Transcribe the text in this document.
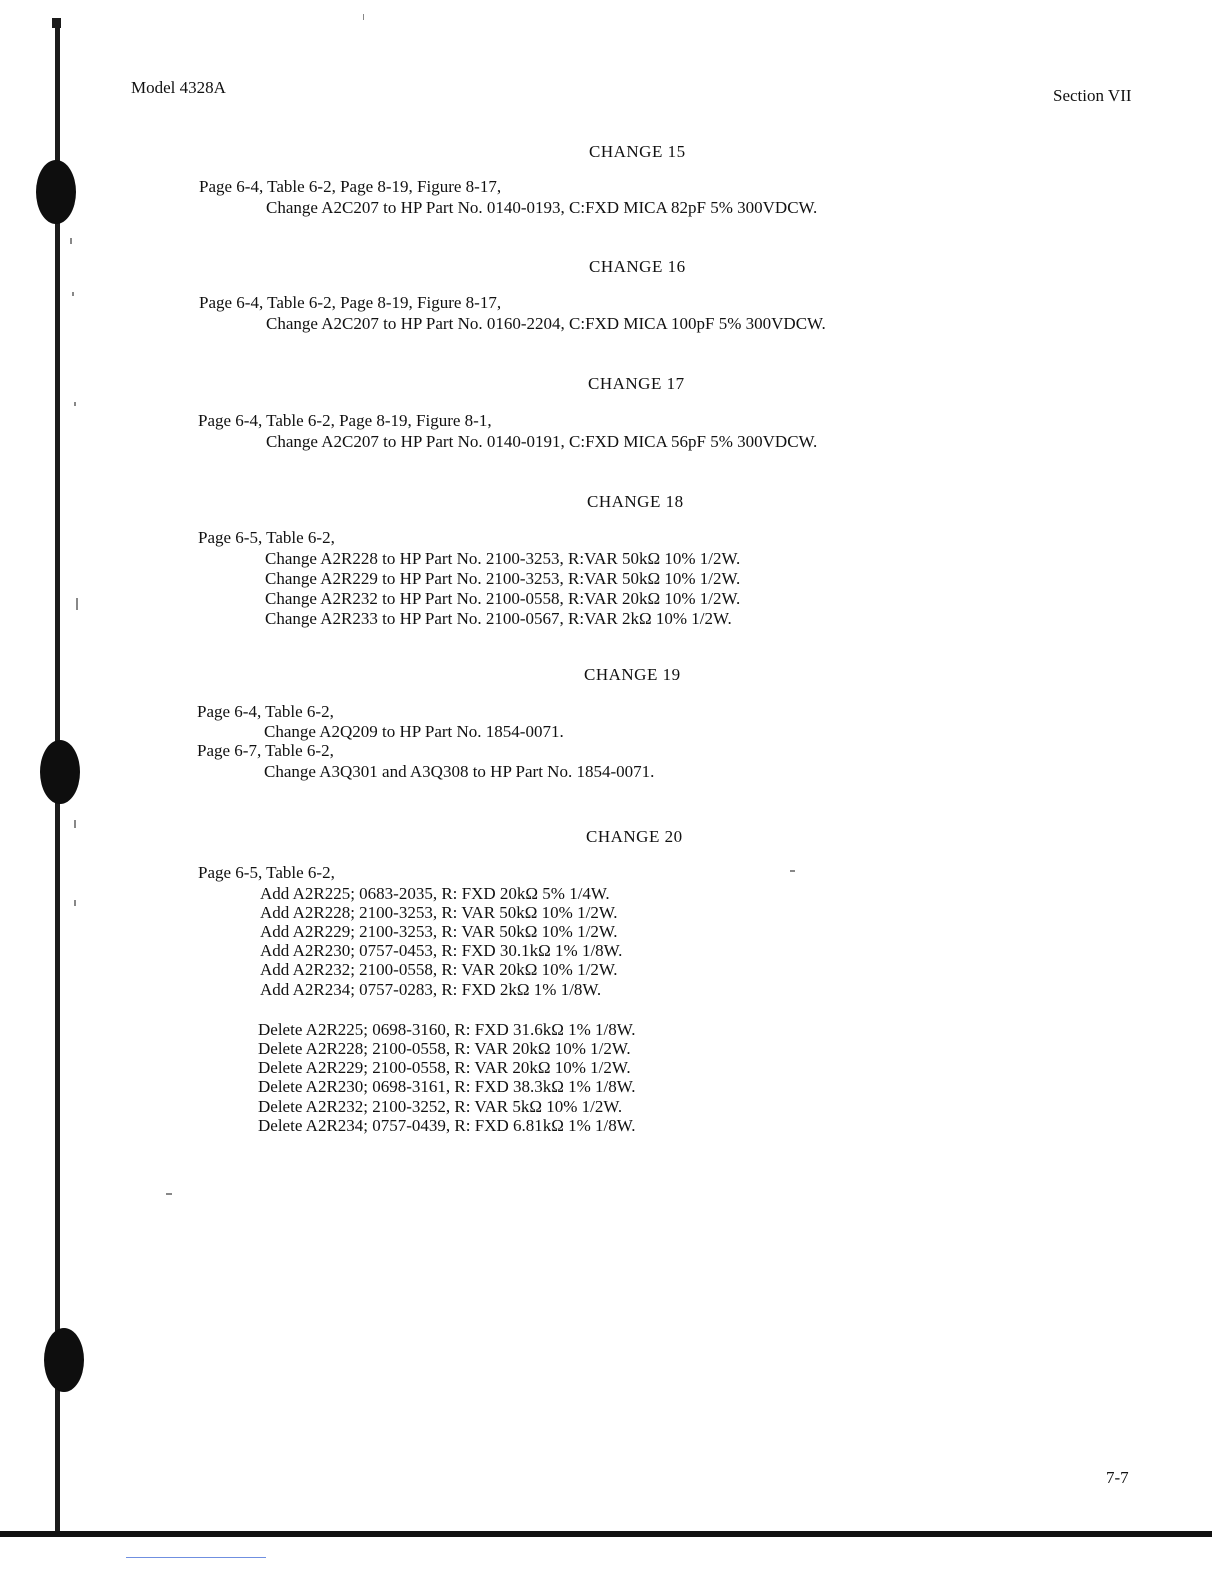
Model 4328A	Section VII
CHANGE 15
Page 6-4, Table 6-2, Page 8-19, Figure 8-17,
Change A2C207 to HP Part No. 0140-0193, C:FXD MICA 82pF 5% 300VDCW.
CHANGE 16
Page 6-4, Table 6-2, Page 8-19, Figure 8-17,
Change A2C207 to HP Part No. 0160-2204, C:FXD MICA 100pF 5% 300VDCW.
CHANGE 17
Page 6-4, Table 6-2, Page 8-19, Figure 8-1,
Change A2C207 to HP Part No. 0140-0191, C:FXD MICA 56pF 5% 300VDCW.
CHANGE 18
Page 6-5, Table 6-2,
Change A2R228 to HP Part No. 2100-3253, R:VAR 50kΩ 10% 1/2W.
Change A2R229 to HP Part No. 2100-3253, R:VAR 50kΩ 10% 1/2W.
Change A2R232 to HP Part No. 2100-0558, R:VAR 20kΩ 10% 1/2W.
Change A2R233 to HP Part No. 2100-0567, R:VAR 2kΩ 10% 1/2W.
CHANGE 19
Page 6-4, Table 6-2,
Change A2Q209 to HP Part No. 1854-0071.
Page 6-7, Table 6-2,
Change A3Q301 and A3Q308 to HP Part No. 1854-0071.
CHANGE 20
Page 6-5, Table 6-2,
Add A2R225; 0683-2035, R: FXD 20kΩ 5% 1/4W.
Add A2R228; 2100-3253, R: VAR 50kΩ 10% 1/2W.
Add A2R229; 2100-3253, R: VAR 50kΩ 10% 1/2W.
Add A2R230; 0757-0453, R: FXD 30.1kΩ 1% 1/8W.
Add A2R232; 2100-0558, R: VAR 20kΩ 10% 1/2W.
Add A2R234; 0757-0283, R: FXD 2kΩ 1% 1/8W.
Delete A2R225; 0698-3160, R: FXD 31.6kΩ 1% 1/8W.
Delete A2R228; 2100-0558, R: VAR 20kΩ 10% 1/2W.
Delete A2R229; 2100-0558, R: VAR 20kΩ 10% 1/2W.
Delete A2R230; 0698-3161, R: FXD 38.3kΩ 1% 1/8W.
Delete A2R232; 2100-3252, R: VAR 5kΩ 10% 1/2W.
Delete A2R234; 0757-0439, R: FXD 6.81kΩ 1% 1/8W.
7-7
